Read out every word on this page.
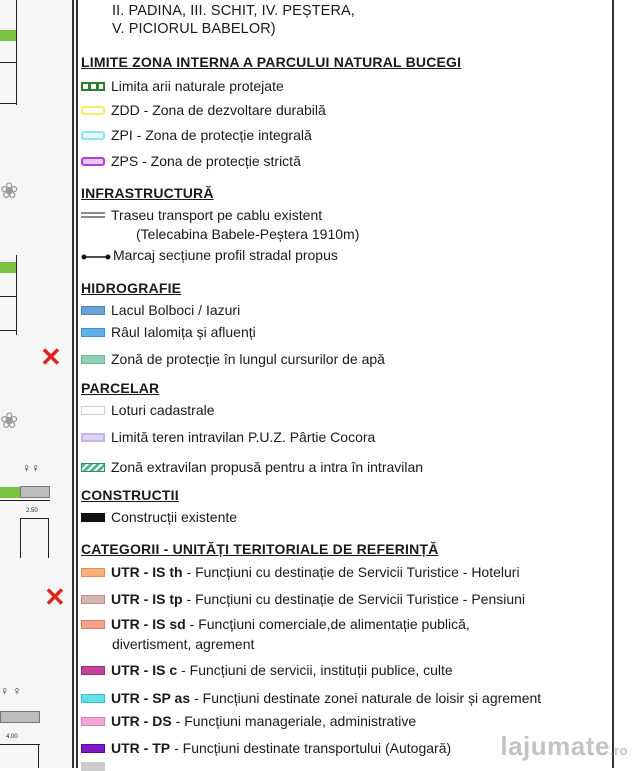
❀
❀
♀♀
2.50
♀ ♀
4.00
✕
✕
II. PADINA, III. SCHIT, IV. PEȘTERA,
V. PICIORUL BABELOR)
LIMITE ZONA INTERNA A PARCULUI NATURAL BUCEGI
Limita arii naturale protejate
ZDD - Zona de dezvoltare durabilă
ZPI - Zona de protecție integrală
ZPS - Zona de protecție strictă
INFRASTRUCTURĂ
Traseu transport pe cablu existent
(Telecabina Babele-Peștera 1910m)
Marcaj secțiune profil stradal propus
HIDROGRAFIE
Lacul Bolboci / Iazuri
Râul Ialomița și afluenți
Zonă de protecție în lungul cursurilor de apă
PARCELAR
Loturi cadastrale
Limită teren intravilan P.U.Z. Pârtie Cocora
Zonă extravilan propusă pentru a intra în intravilan
CONSTRUCTII
Construcții existente
CATEGORII - UNITĂȚI TERITORIALE DE REFERINȚĂ
UTR - IS th - Funcțiuni cu destinație de Servicii Turistice - Hoteluri
UTR - IS tp - Funcțiuni cu destinație de Servicii Turistice - Pensiuni
UTR - IS sd - Funcțiuni comerciale,de alimentație publică,
divertisment, agrement
UTR - IS c - Funcțiuni de servicii, instituții publice, culte
UTR - SP as - Funcțiuni destinate zonei naturale de loisir și agrement
UTR - DS - Funcțiuni manageriale, administrative
UTR - TP - Funcțiuni destinate transportului (Autogară) lajumate.ro
